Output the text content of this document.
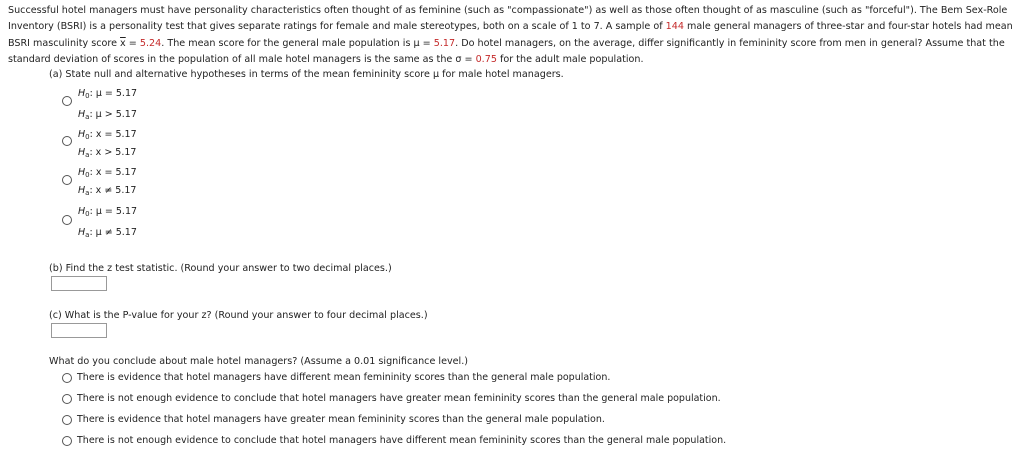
Successful hotel managers must have personality characteristics often thought of as feminine (such as "compassionate") as well as those often thought of as masculine (such as "forceful"). The Bem Sex-Role Inventory (BSRI) is a personality test that gives separate ratings for female and male stereotypes, both on a scale of 1 to 7. A sample of 144 male general managers of three-star and four-star hotels had mean BSRI masculinity score $\overline{x} = 5.24$. The mean score for the general male population is μ = 5.17. Do hotel managers, on the average, differ significantly in femininity score from men in general? Assume that the standard deviation of scores in the population of all male hotel managers is the same as the σ = 0.75 for the adult male population.
(a) State null and alternative hypotheses in terms of the mean femininity score μ for male hotel managers.
$H_0$: μ = 5.17
$H_a$: μ > 5.17
$H_0$: x = 5.17
$H_a$: x > 5.17
$H_0$: x = 5.17
$H_a$: x ≠ 5.17
$H_0$: μ = 5.17
$H_a$: μ ≠ 5.17
(b) Find the z test statistic. (Round your answer to two decimal places.)
(c) What is the P-value for your z? (Round your answer to four decimal places.)
What do you conclude about male hotel managers? (Assume a 0.01 significance level.)
There is evidence that hotel managers have different mean femininity scores than the general male population.
There is not enough evidence to conclude that hotel managers have greater mean femininity scores than the general male population.
There is evidence that hotel managers have greater mean femininity scores than the general male population.
There is not enough evidence to conclude that hotel managers have different mean femininity scores than the general male population.
